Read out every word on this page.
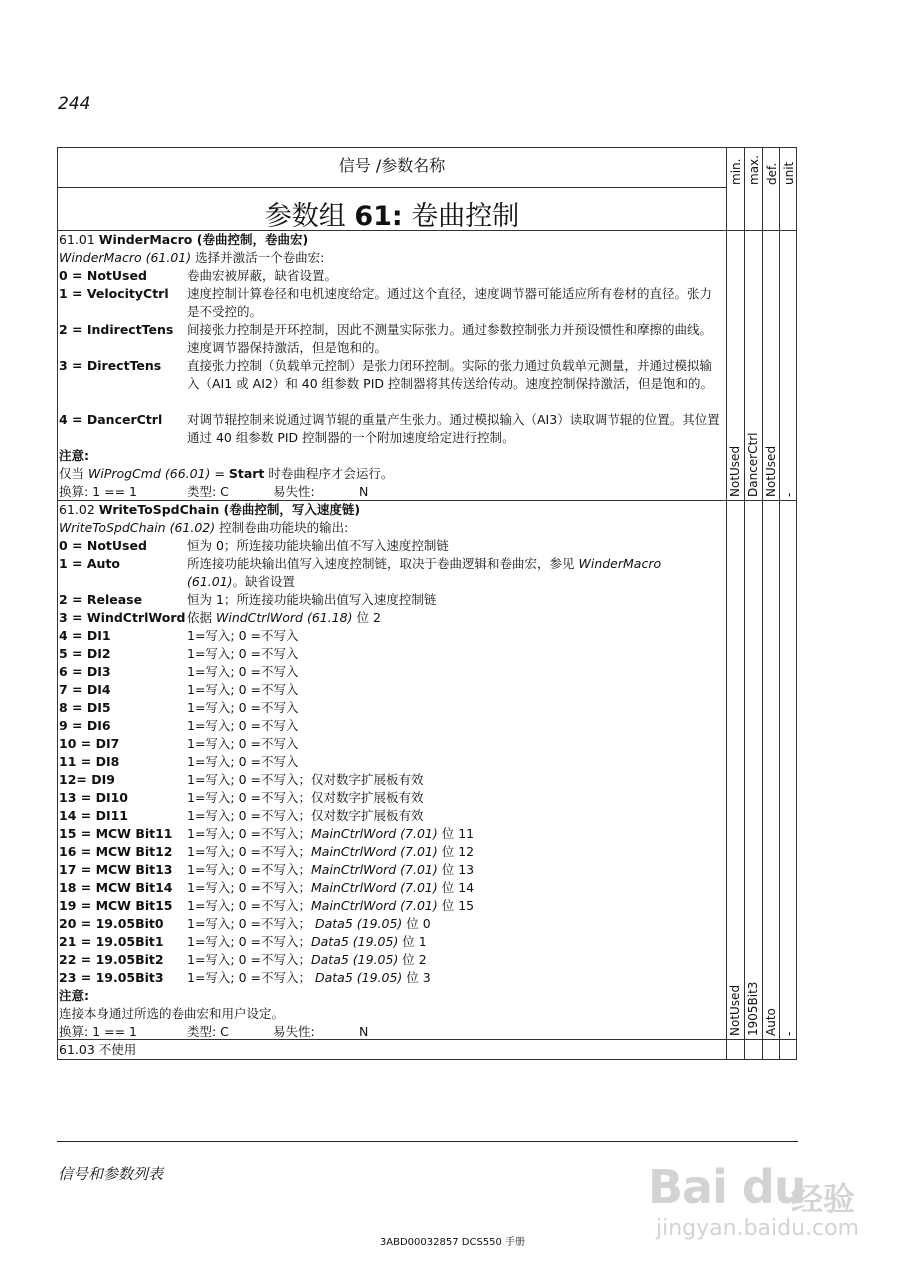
244
信号 /参数名称	min. max. def. unit
参数组 61: 卷曲控制
61.01 WinderMacro (卷曲控制，卷曲宏)
WinderMacro (61.01) 选择并激活一个卷曲宏:
0 = NotUsed	卷曲宏被屏蔽，缺省设置。
1 = VelocityCtrl 速度控制计算卷径和电机速度给定。通过这个直径，速度调节器可能适应所有卷材的直径。张力是不受控的。
2 = IndirectTens 间接张力控制是开环控制，因此不测量实际张力。通过参数控制张力并预设惯性和摩擦的曲线。速度调节器保持激活，但是饱和的。
3 = DirectTens 直接张力控制（负载单元控制）是张力闭环控制。实际的张力通过负载单元测量，并通过模拟输入（AI1 或 AI2）和 40 组参数 PID 控制器将其传送给传动。速度控制保持激活，但是饱和的。
4 = DancerCtrl 对调节辊控制来说通过调节辊的重量产生张力。通过模拟输入（AI3）读取调节辊的位置。其位置通过 40 组参数 PID 控制器的一个附加速度给定进行控制。
注意:
仅当 WiProgCmd (66.01) = Start 时卷曲程序才会运行。
换算: 1 == 1	类型: C	易失性:	N	NotUsed DancerCtrl NotUsed -
61.02 WriteToSpdChain (卷曲控制，写入速度链)
WriteToSpdChain (61.02) 控制卷曲功能块的输出:
0 = NotUsed	恒为 0；所连接功能块输出值不写入速度控制链
1 = Auto	所连接功能块输出值写入速度控制链，取决于卷曲逻辑和卷曲宏，参见 WinderMacro (61.01)。缺省设置
2 = Release	恒为 1；所连接功能块输出值写入速度控制链
3 = WindCtrlWord 依据 WindCtrlWord (61.18) 位 2
4 = DI1	1=写入; 0 =不写入
5 = DI2	1=写入; 0 =不写入
6 = DI3	1=写入; 0 =不写入
7 = DI4	1=写入; 0 =不写入
8 = DI5	1=写入; 0 =不写入
9 = DI6	1=写入; 0 =不写入
10 = DI7	1=写入; 0 =不写入
11 = DI8	1=写入; 0 =不写入
12= DI9	1=写入; 0 =不写入；仅对数字扩展板有效
13 = DI10	1=写入; 0 =不写入；仅对数字扩展板有效
14 = DI11	1=写入; 0 =不写入；仅对数字扩展板有效
15 = MCW Bit11 1=写入; 0 =不写入；MainCtrlWord (7.01) 位 11
16 = MCW Bit12 1=写入; 0 =不写入；MainCtrlWord (7.01) 位 12
17 = MCW Bit13 1=写入; 0 =不写入；MainCtrlWord (7.01) 位 13
18 = MCW Bit14 1=写入; 0 =不写入；MainCtrlWord (7.01) 位 14
19 = MCW Bit15 1=写入; 0 =不写入；MainCtrlWord (7.01) 位 15
20 = 19.05Bit0 1=写入; 0 =不写入； Data5 (19.05) 位 0
21 = 19.05Bit1 1=写入; 0 =不写入；Data5 (19.05) 位 1
22 = 19.05Bit2 1=写入; 0 =不写入；Data5 (19.05) 位 2
23 = 19.05Bit3 1=写入; 0 =不写入； Data5 (19.05) 位 3
注意:
连接本身通过所选的卷曲宏和用户设定。
换算: 1 == 1	类型: C	易失性:	N	NotUsed 1905Bit3 Auto -
61.03 不使用
信号和参数列表
3ABD00032857 DCS550 手册
Bai du
经验
jingyan.baidu.com
